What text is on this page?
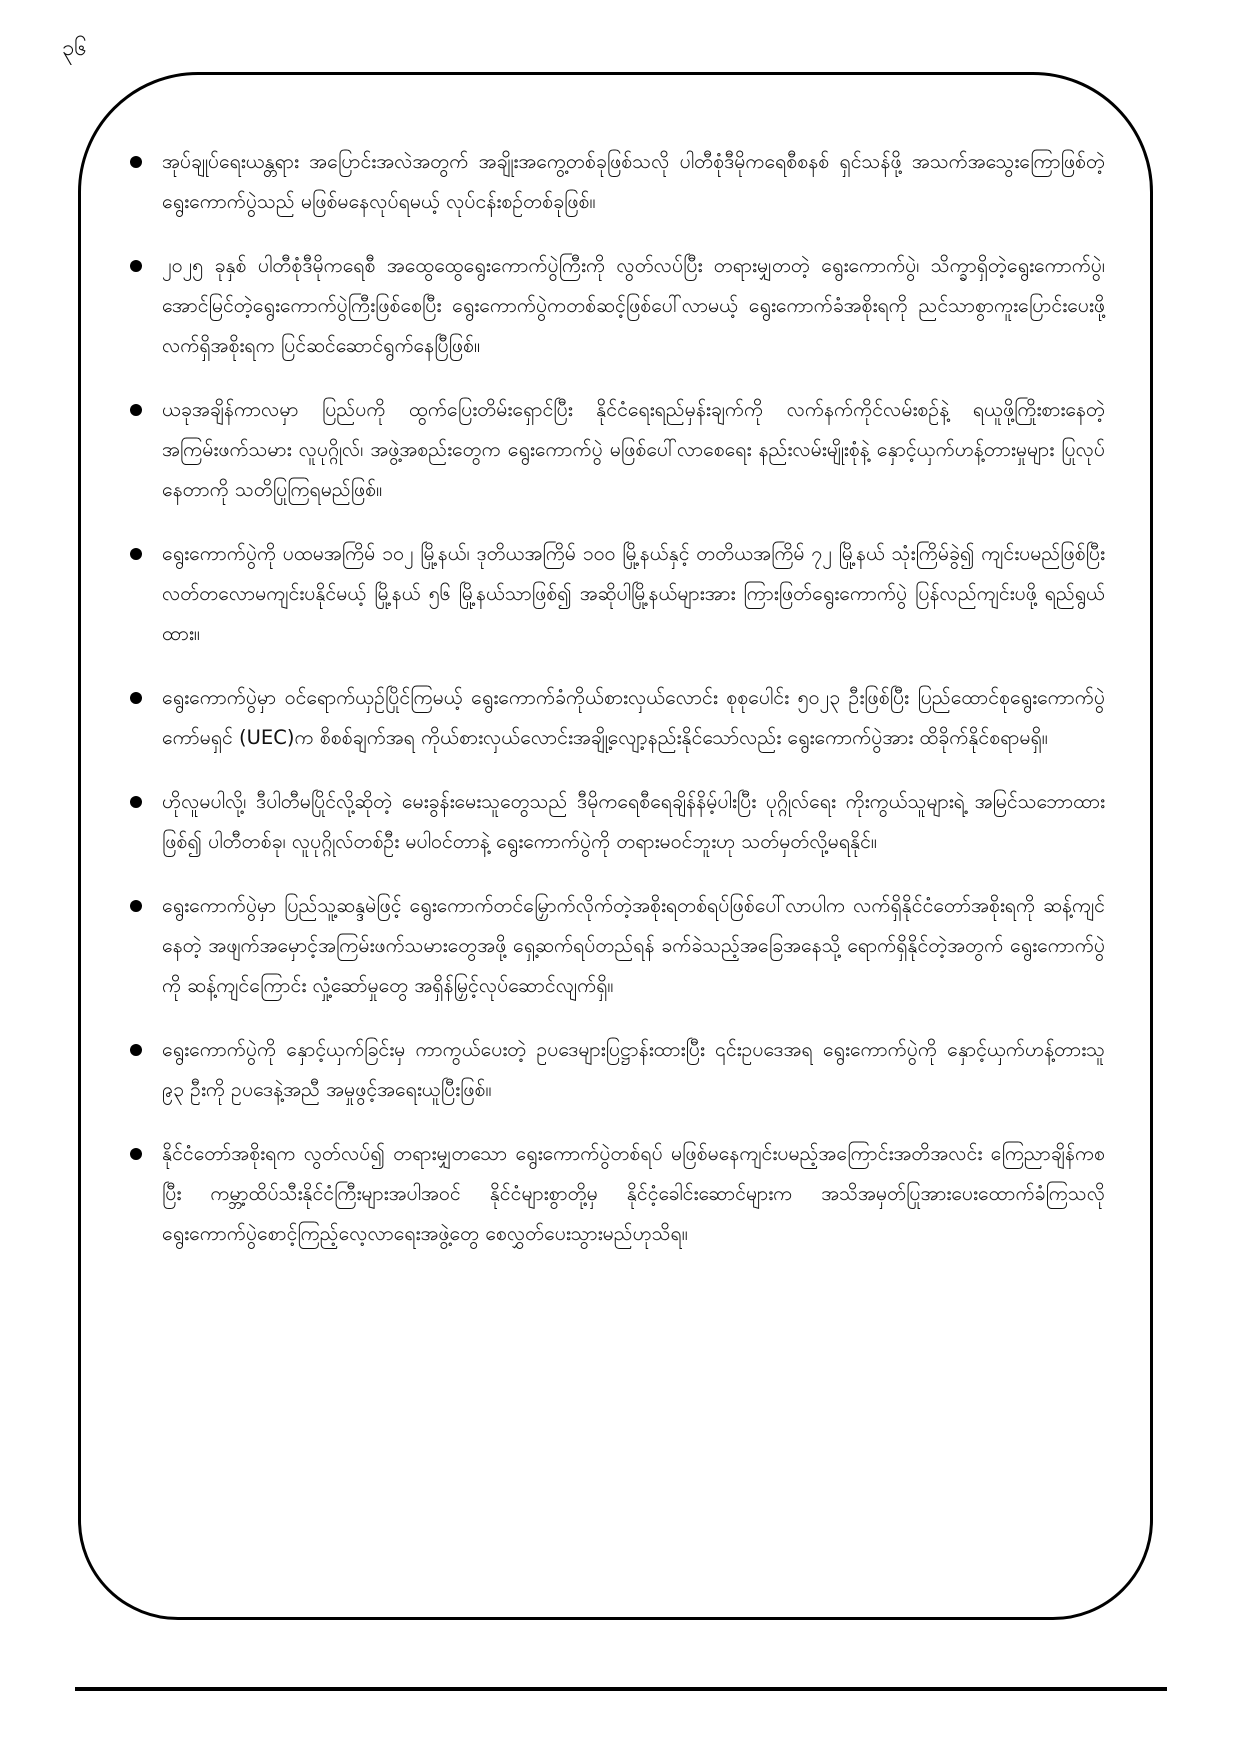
၃၆
အုပ်ချုပ်ရေးယန္တရား အပြောင်းအလဲအတွက် အချိုးအကွေ့တစ်ခုဖြစ်သလို ပါတီစုံဒီမိုကရေစီစနစ် ရှင်သန်ဖို့ အသက်အသွေးကြောဖြစ်တဲ့ ရွေးကောက်ပွဲသည် မဖြစ်မနေလုပ်ရမယ့် လုပ်ငန်းစဉ်တစ်ခုဖြစ်။
၂၀၂၅ ခုနှစ် ပါတီစုံဒီမိုကရေစီ အထွေထွေရွေးကောက်ပွဲကြီးကို လွတ်လပ်ပြီး တရားမျှတတဲ့ ရွေးကောက်ပွဲ၊ သိက္ခာရှိတဲ့ရွေးကောက်ပွဲ၊ အောင်မြင်တဲ့ရွေးကောက်ပွဲကြီးဖြစ်စေပြီး ရွေးကောက်ပွဲကတစ်ဆင့်ဖြစ်ပေါ်လာမယ့် ရွေးကောက်ခံအစိုးရကို ညင်သာစွာကူးပြောင်းပေးဖို့ လက်ရှိအစိုးရက ပြင်ဆင်ဆောင်ရွက်နေပြီဖြစ်။
ယခုအချိန်ကာလမှာ ပြည်ပကို ထွက်ပြေးတိမ်းရှောင်ပြီး နိုင်ငံရေးရည်မှန်းချက်ကို လက်နက်ကိုင်လမ်းစဉ်နဲ့ ရယူဖို့ကြိုးစားနေတဲ့ အကြမ်းဖက်သမား လူပုဂ္ဂိုလ်၊ အဖွဲ့အစည်းတွေက ရွေးကောက်ပွဲ မဖြစ်ပေါ်လာစေရေး နည်းလမ်းမျိုးစုံနဲ့ နှောင့်ယှက်ဟန့်တားမှုများ ပြုလုပ်နေတာကို သတိပြုကြရမည်ဖြစ်။
ရွေးကောက်ပွဲကို ပထမအကြိမ် ၁၀၂ မြို့နယ်၊ ဒုတိယအကြိမ် ၁၀၀ မြို့နယ်နှင့် တတိယအကြိမ် ၇၂ မြို့နယ် သုံးကြိမ်ခွဲ၍ ကျင်းပမည်ဖြစ်ပြီး လတ်တလောမကျင်းပနိုင်မယ့် မြို့နယ် ၅၆ မြို့နယ်သာဖြစ်၍ အဆိုပါမြို့နယ်များအား ကြားဖြတ်ရွေးကောက်ပွဲ ပြန်လည်ကျင်းပဖို့ ရည်ရွယ်ထား။
ရွေးကောက်ပွဲမှာ ဝင်ရောက်ယှဉ်ပြိုင်ကြမယ့် ရွေးကောက်ခံကိုယ်စားလှယ်လောင်း စုစုပေါင်း ၅၀၂၃ ဦးဖြစ်ပြီး ပြည်ထောင်စုရွေးကောက်ပွဲကော်မရှင် (UEC)က စိစစ်ချက်အရ ကိုယ်စားလှယ်လောင်းအချို့လျော့နည်းနိုင်သော်လည်း ရွေးကောက်ပွဲအား ထိခိုက်နိုင်စရာမရှိ။
ဟိုလူမပါလို့၊ ဒီပါတီမပြိုင်လို့ဆိုတဲ့ မေးခွန်းမေးသူတွေသည် ဒီမိုကရေစီရေချိန်နိမ့်ပါးပြီး ပုဂ္ဂိုလ်ရေး ကိုးကွယ်သူများရဲ့ အမြင်သဘောထားဖြစ်၍ ပါတီတစ်ခု၊ လူပုဂ္ဂိုလ်တစ်ဦး မပါဝင်တာနဲ့ ရွေးကောက်ပွဲကို တရားမဝင်ဘူးဟု သတ်မှတ်လို့မရနိုင်။
ရွေးကောက်ပွဲမှာ ပြည်သူ့ဆန္ဒမဲဖြင့် ရွေးကောက်တင်မြှောက်လိုက်တဲ့အစိုးရတစ်ရပ်ဖြစ်ပေါ်လာပါက လက်ရှိနိုင်ငံတော်အစိုးရကို ဆန့်ကျင်နေတဲ့ အဖျက်အမှောင့်အကြမ်းဖက်သမားတွေအဖို့ ရှေ့ဆက်ရပ်တည်ရန် ခက်ခဲသည့်အခြေအနေသို့ ရောက်ရှိနိုင်တဲ့အတွက် ရွေးကောက်ပွဲကို ဆန့်ကျင်ကြောင်း လှုံ့ဆော်မှုတွေ အရှိန်မြှင့်လုပ်ဆောင်လျက်ရှိ။
ရွေးကောက်ပွဲကို နှောင့်ယှက်ခြင်းမှ ကာကွယ်ပေးတဲ့ ဥပဒေများပြဋ္ဌာန်းထားပြီး ၎င်းဥပဒေအရ ရွေးကောက်ပွဲကို နှောင့်ယှက်ဟန့်တားသူ ၉၃ ဦးကို ဥပဒေနဲ့အညီ အမှုဖွင့်အရေးယူပြီးဖြစ်။
နိုင်ငံတော်အစိုးရက လွတ်လပ်၍ တရားမျှတသော ရွေးကောက်ပွဲတစ်ရပ် မဖြစ်မနေကျင်းပမည့်အကြောင်းအတိအလင်း ကြေညာချိန်ကစပြီး ကမ္ဘာ့ထိပ်သီးနိုင်ငံကြီးများအပါအဝင် နိုင်ငံများစွာတို့မှ နိုင်ငံ့ခေါင်းဆောင်များက အသိအမှတ်ပြုအားပေးထောက်ခံကြသလို ရွေးကောက်ပွဲစောင့်ကြည့်လေ့လာရေးအဖွဲ့တွေ စေလွှတ်ပေးသွားမည်ဟုသိရ။
